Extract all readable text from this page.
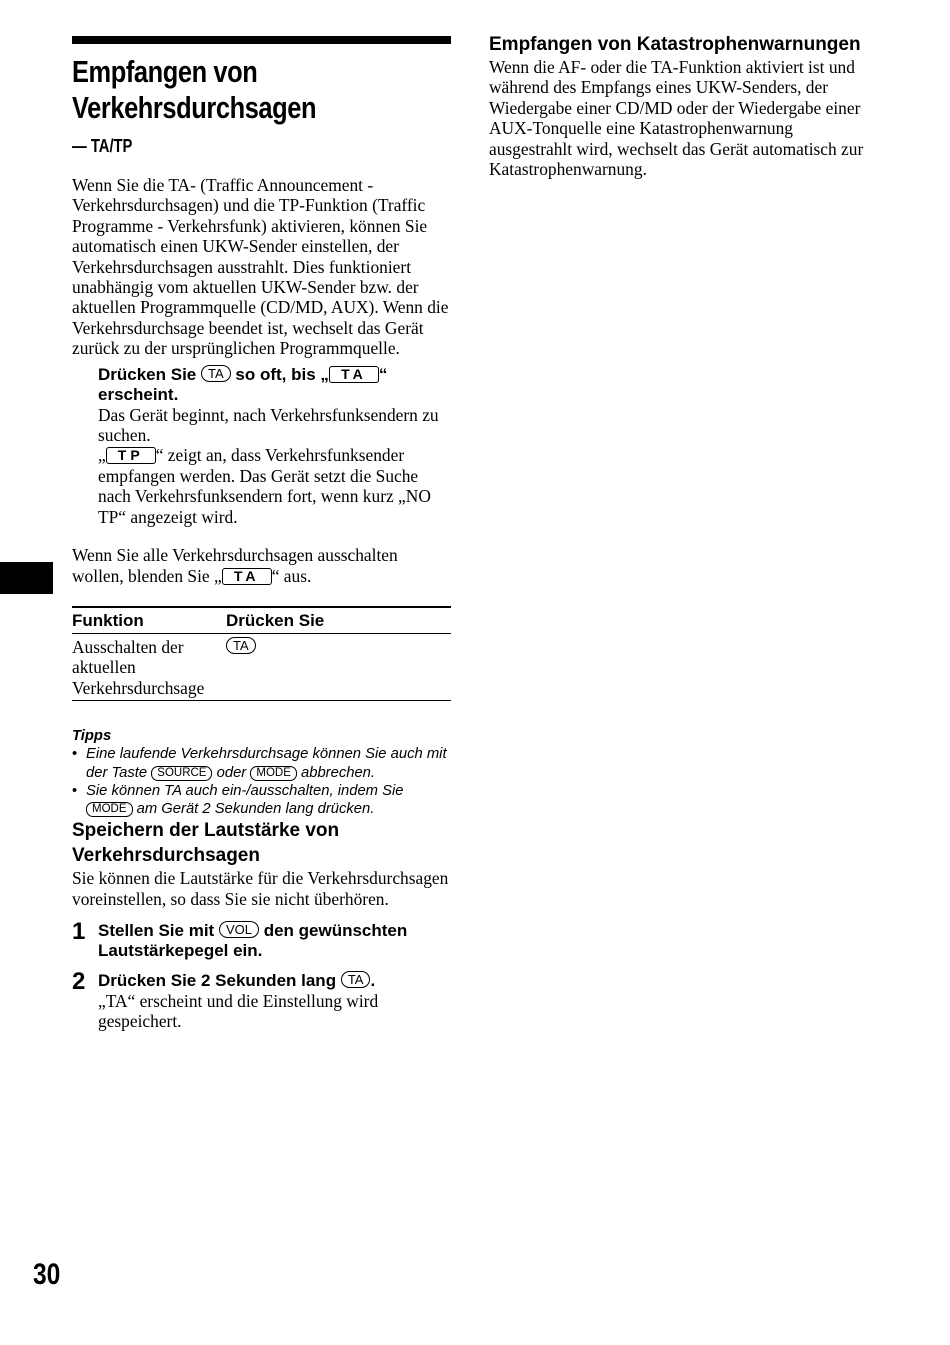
Empfangen von
Verkehrsdurchsagen
— TA/TP

Wenn Sie die TA- (Traffic Announcement - Verkehrsdurchsagen) und die TP-Funktion (Traffic Programme - Verkehrsfunk) aktivieren, können Sie automatisch einen UKW-Sender einstellen, der Verkehrsdurchsagen ausstrahlt. Dies funktioniert unabhängig vom aktuellen UKW-Sender bzw. der aktuellen Programmquelle (CD/MD, AUX). Wenn die Verkehrsdurchsage beendet ist, wechselt das Gerät zurück zu der ursprünglichen Programmquelle.

Drücken Sie TA so oft, bis „ TA “ erscheint.

Das Gerät beginnt, nach Verkehrsfunksendern zu suchen.

„ TP “ zeigt an, dass Verkehrsfunksender empfangen werden. Das Gerät setzt die Suche nach Verkehrsfunksendern fort, wenn kurz „NO TP“ angezeigt wird.

Wenn Sie alle Verkehrsdurchsagen ausschalten wollen, blenden Sie „ TA “ aus.

Funktion	Drücken Sie
Ausschalten der aktuellen Verkehrsdurchsage	TA
Tipps
• Eine laufende Verkehrsdurchsage können Sie auch mit der Taste SOURCE oder MODE abbrechen.
• Sie können TA auch ein-/ausschalten, indem Sie MODE am Gerät 2 Sekunden lang drücken.
Speichern der Lautstärke von Verkehrsdurchsagen

Sie können die Lautstärke für die Verkehrsdurchsagen voreinstellen, so dass Sie sie nicht überhören.

1 Stellen Sie mit VOL den gewünschten Lautstärkepegel ein.
2 Drücken Sie 2 Sekunden lang TA .

„TA“ erscheint und die Einstellung wird gespeichert.

Empfangen von Katastrophenwarnungen

Wenn die AF- oder die TA-Funktion aktiviert ist und während des Empfangs eines UKW-Senders, der Wiedergabe einer CD/MD oder der Wiedergabe einer AUX-Tonquelle eine Katastrophenwarnung ausgestrahlt wird, wechselt das Gerät automatisch zur Katastrophenwarnung.

30
